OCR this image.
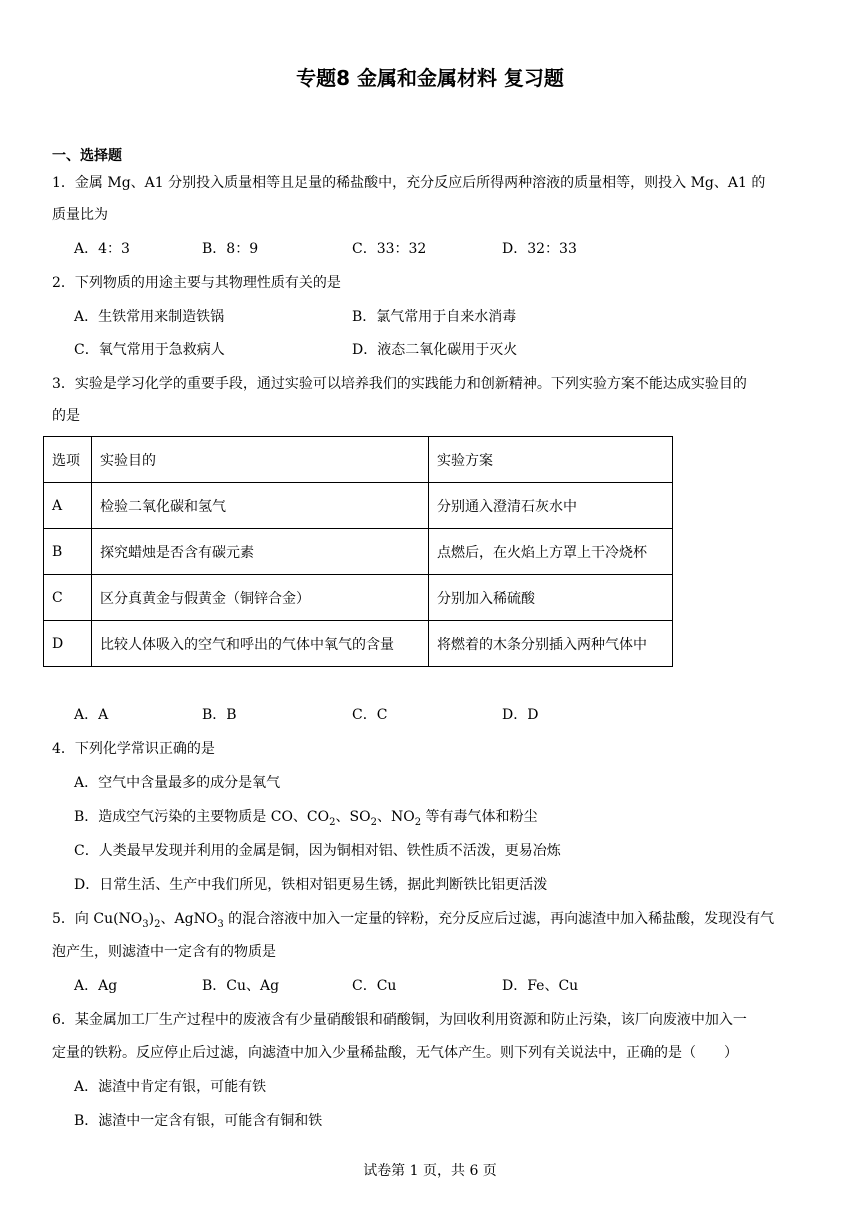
专题8 金属和金属材料 复习题
一、选择题
1．金属 Mg、A1 分别投入质量相等且足量的稀盐酸中，充分反应后所得两种溶液的质量相等，则投入 Mg、A1 的
质量比为
A．4：3	B．8：9	C．33：32	D．32：33
2．下列物质的用途主要与其物理性质有关的是
A．生铁常用来制造铁锅	B．氯气常用于自来水消毒
C．氧气常用于急救病人	D．液态二氧化碳用于灭火
3．实验是学习化学的重要手段，通过实验可以培养我们的实践能力和创新精神。下列实验方案不能达成实验目的
的是
选项	实验目的	实验方案
A	检验二氧化碳和氢气	分别通入澄清石灰水中
B	探究蜡烛是否含有碳元素	点燃后，在火焰上方罩上干冷烧杯
C	区分真黄金与假黄金（铜锌合金）	分别加入稀硫酸
D	比较人体吸入的空气和呼出的气体中氧气的含量	将燃着的木条分别插入两种气体中
A．A	B．B	C．C	D．D
4．下列化学常识正确的是
A．空气中含量最多的成分是氧气
B．造成空气污染的主要物质是 CO、$CO_2$、$SO_2$、$NO_2$ 等有毒气体和粉尘
C．人类最早发现并利用的金属是铜，因为铜相对铝、铁性质不活泼，更易冶炼
D．日常生活、生产中我们所见，铁相对铝更易生锈，据此判断铁比铝更活泼
5．向 $Cu(NO_3)_2$、AgNO$_3$ 的混合溶液中加入一定量的锌粉，充分反应后过滤，再向滤渣中加入稀盐酸，发现没有气
泡产生，则滤渣中一定含有的物质是
A．Ag	B．Cu、Ag	C．Cu	D．Fe、Cu
6．某金属加工厂生产过程中的废液含有少量硝酸银和硝酸铜，为回收利用资源和防止污染，该厂向废液中加入一
定量的铁粉。反应停止后过滤，向滤渣中加入少量稀盐酸，无气体产生。则下列有关说法中，正确的是（　　）
A．滤渣中肯定有银，可能有铁
B．滤渣中一定含有银，可能含有铜和铁
试卷第 1 页，共 6 页
